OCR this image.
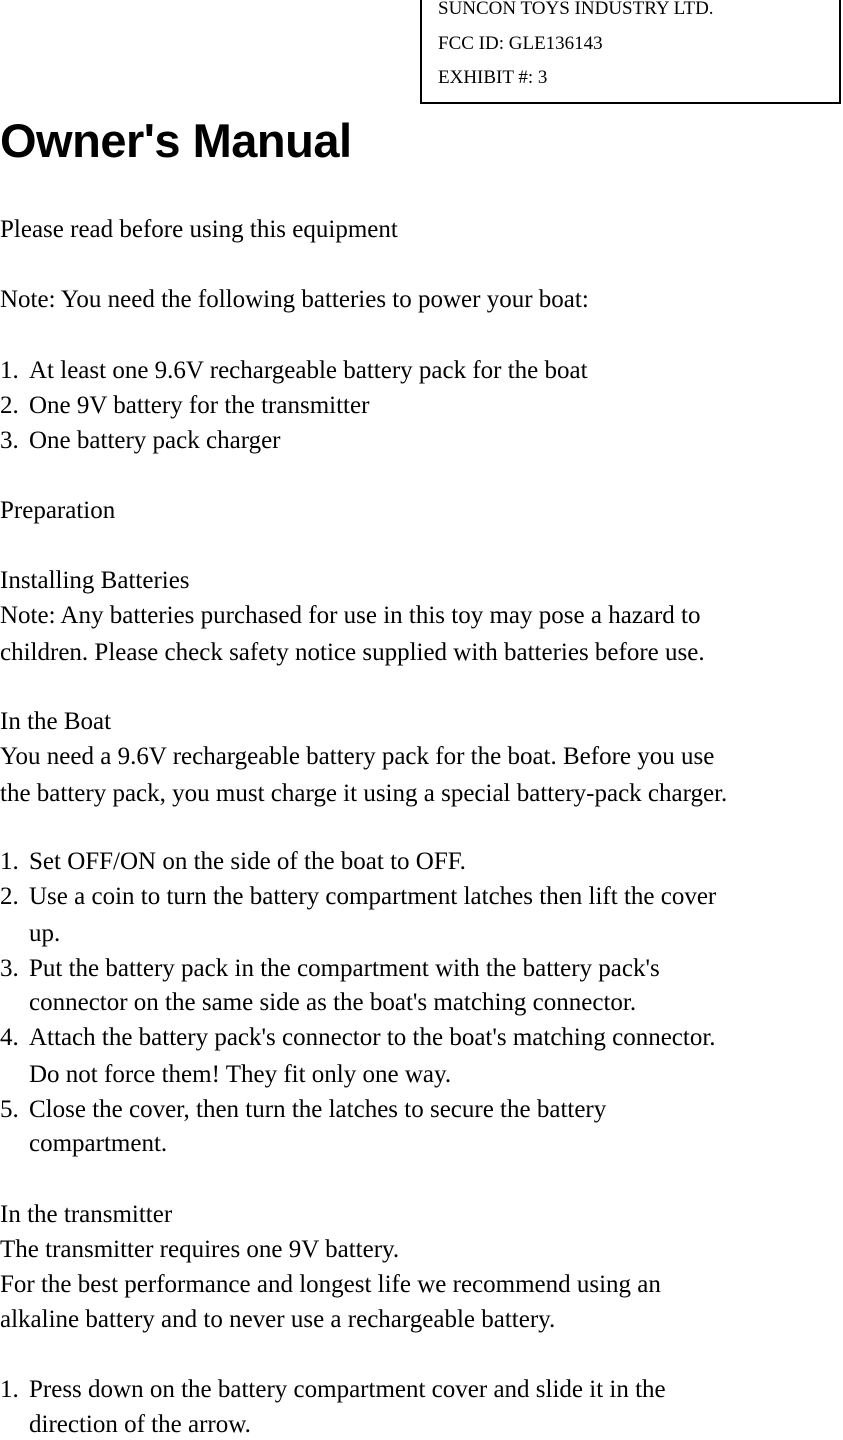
SUNCON TOYS INDUSTRY LTD.
FCC ID: GLE136143
EXHIBIT #: 3
Owner's Manual
Please read before using this equipment
Note: You need the following batteries to power your boat:
1. At least one 9.6V rechargeable battery pack for the boat
2. One 9V battery for the transmitter
3. One battery pack charger
Preparation
Installing Batteries
Note: Any batteries purchased for use in this toy may pose a hazard to
children. Please check safety notice supplied with batteries before use.
In the Boat
You need a 9.6V rechargeable battery pack for the boat. Before you use
the battery pack, you must charge it using a special battery-pack charger.
1. Set OFF/ON on the side of the boat to OFF.
2. Use a coin to turn the battery compartment latches then lift the cover
up.
3. Put the battery pack in the compartment with the battery pack's
connector on the same side as the boat's matching connector.
4. Attach the battery pack's connector to the boat's matching connector.
Do not force them! They fit only one way.
5. Close the cover, then turn the latches to secure the battery
compartment.
In the transmitter
The transmitter requires one 9V battery.
For the best performance and longest life we recommend using an
alkaline battery and to never use a rechargeable battery.
1. Press down on the battery compartment cover and slide it in the
direction of the arrow.
